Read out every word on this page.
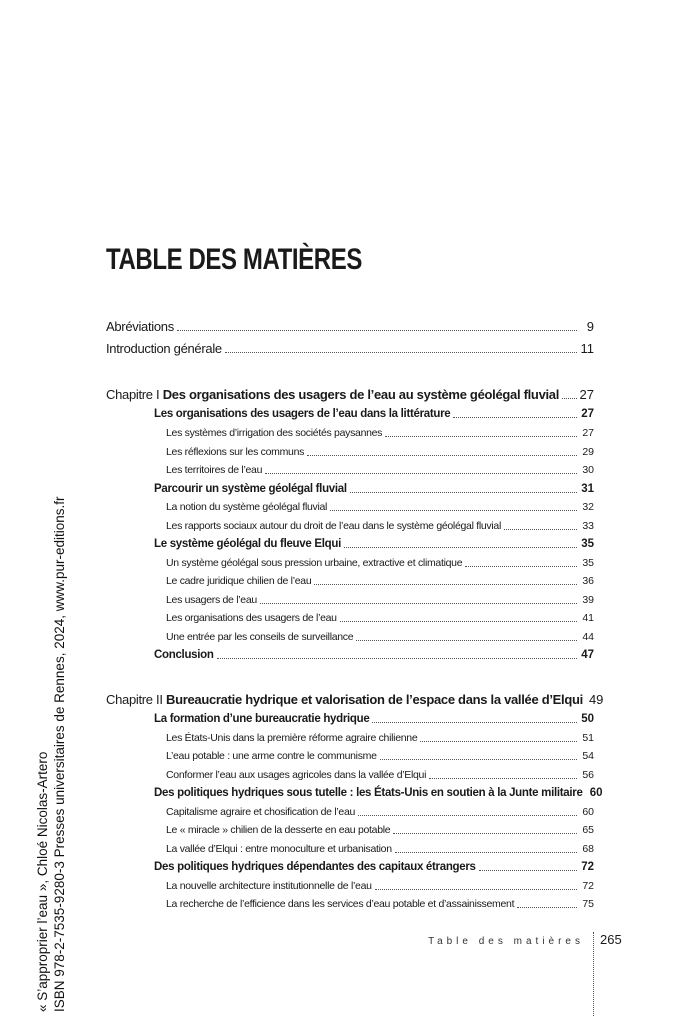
TABLE DES MATIÈRES
Abréviations	9
Introduction générale	11
Chapitre I Des organisations des usagers de l’eau au système géolégal fluvial 27
Les organisations des usagers de l’eau dans la littérature	27
Les systèmes d’irrigation des sociétés paysannes	27
Les réflexions sur les communs	29
Les territoires de l’eau	30
Parcourir un système géolégal fluvial	31
La notion du système géolégal fluvial	32
Les rapports sociaux autour du droit de l’eau dans le système géolégal fluvial	33
Le système géolégal du fleuve Elqui	35
Un système géolégal sous pression urbaine, extractive et climatique	35
Le cadre juridique chilien de l’eau	36
Les usagers de l’eau	39
Les organisations des usagers de l’eau	41
Une entrée par les conseils de surveillance	44
Conclusion	47
Chapitre II Bureaucratie hydrique et valorisation de l’espace dans la vallée d’Elqui 49
La formation d’une bureaucratie hydrique	50
Les États-Unis dans la première réforme agraire chilienne	51
L’eau potable : une arme contre le communisme	54
Conformer l’eau aux usages agricoles dans la vallée d’Elqui	56
Des politiques hydriques sous tutelle : les États-Unis en soutien à la Junte militaire 60
Capitalisme agraire et chosification de l’eau	60
Le « miracle » chilien de la desserte en eau potable	65
La vallée d’Elqui : entre monoculture et urbanisation	68
Des politiques hydriques dépendantes des capitaux étrangers	72
La nouvelle architecture institutionnelle de l’eau	72
La recherche de l’efficience dans les services d’eau potable et d’assainissement	75
« S’approprier l’eau », Chloé Nicolas-Artero ISBN 978-2-7535-9280-3 Presses universitaires de Rennes, 2024, www.pur-editions.fr	Table des matières 265
